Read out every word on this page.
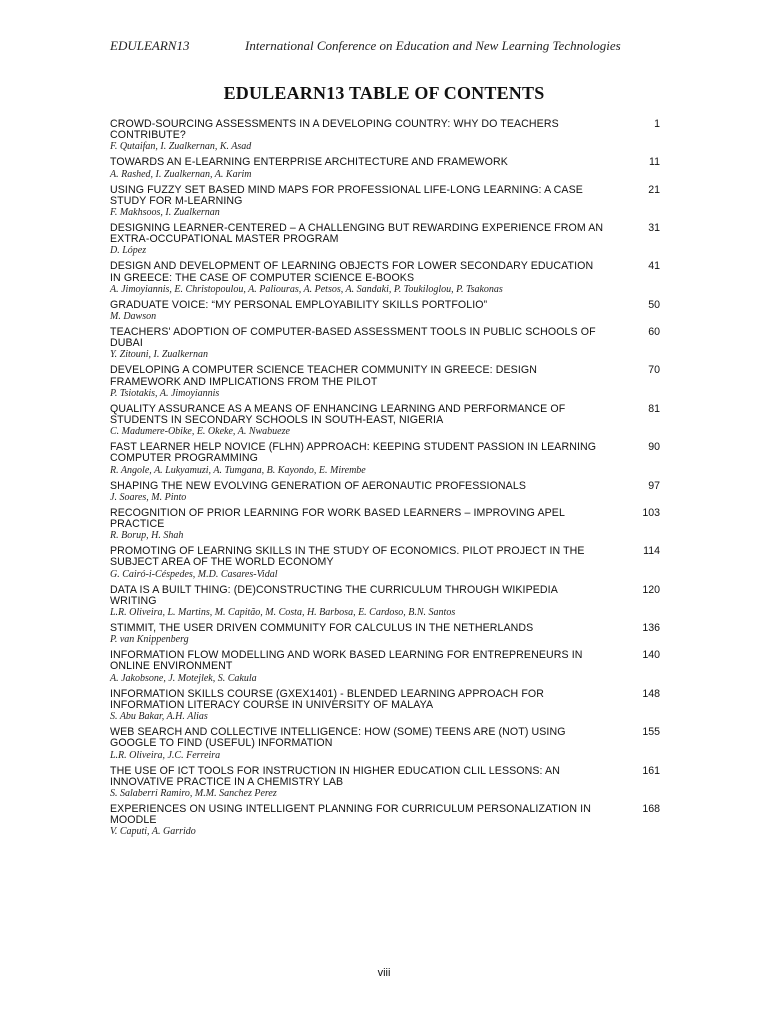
EDULEARN13	International Conference on Education and New Learning Technologies
EDULEARN13 TABLE OF CONTENTS
CROWD-SOURCING ASSESSMENTS IN A DEVELOPING COUNTRY: WHY DO TEACHERS CONTRIBUTE?
F. Qutaifan, I. Zualkernan, K. Asad
1
TOWARDS AN E-LEARNING ENTERPRISE ARCHITECTURE AND FRAMEWORK
A. Rashed, I. Zualkernan, A. Karim
11
USING FUZZY SET BASED MIND MAPS FOR PROFESSIONAL LIFE-LONG LEARNING: A CASE STUDY FOR M-LEARNING
F. Makhsoos, I. Zualkernan
21
DESIGNING LEARNER-CENTERED – A CHALLENGING BUT REWARDING EXPERIENCE FROM AN EXTRA-OCCUPATIONAL MASTER PROGRAM
D. López
31
DESIGN AND DEVELOPMENT OF LEARNING OBJECTS FOR LOWER SECONDARY EDUCATION IN GREECE: THE CASE OF COMPUTER SCIENCE E-BOOKS
A. Jimoyiannis, E. Christopoulou, A. Paliouras, A. Petsos, A. Sandaki, P. Toukiloglou, P. Tsakonas
41
GRADUATE VOICE: “MY PERSONAL EMPLOYABILITY SKILLS PORTFOLIO”
M. Dawson
50
TEACHERS' ADOPTION OF COMPUTER-BASED ASSESSMENT TOOLS IN PUBLIC SCHOOLS OF DUBAI
Y. Zitouni, I. Zualkernan
60
DEVELOPING A COMPUTER SCIENCE TEACHER COMMUNITY IN GREECE: DESIGN FRAMEWORK AND IMPLICATIONS FROM THE PILOT
P. Tsiotakis, A. Jimoyiannis
70
QUALITY ASSURANCE AS A MEANS OF ENHANCING LEARNING AND PERFORMANCE OF STUDENTS IN SECONDARY SCHOOLS IN SOUTH-EAST, NIGERIA
C. Madumere-Obike, E. Okeke, A. Nwabueze
81
FAST LEARNER HELP NOVICE (FLHN) APPROACH: KEEPING STUDENT PASSION IN LEARNING COMPUTER PROGRAMMING
R. Angole, A. Lukyamuzi, A. Tumgana, B. Kayondo, E. Mirembe
90
SHAPING THE NEW EVOLVING GENERATION OF AERONAUTIC PROFESSIONALS
J. Soares, M. Pinto
97
RECOGNITION OF PRIOR LEARNING FOR WORK BASED LEARNERS – IMPROVING APEL PRACTICE
R. Borup, H. Shah
103
PROMOTING OF LEARNING SKILLS IN THE STUDY OF ECONOMICS. PILOT PROJECT IN THE SUBJECT AREA OF THE WORLD ECONOMY
G. Cairó-i-Céspedes, M.D. Casares-Vidal
114
DATA IS A BUILT THING: (DE)CONSTRUCTING THE CURRICULUM THROUGH WIKIPEDIA WRITING
L.R. Oliveira, L. Martins, M. Capitão, M. Costa, H. Barbosa, E. Cardoso, B.N. Santos
120
STIMMIT, THE USER DRIVEN COMMUNITY FOR CALCULUS IN THE NETHERLANDS
P. van Knippenberg
136
INFORMATION FLOW MODELLING AND WORK BASED LEARNING FOR ENTREPRENEURS IN ONLINE ENVIRONMENT
A. Jakobsone, J. Motejlek, S. Cakula
140
INFORMATION SKILLS COURSE (GXEX1401) - BLENDED LEARNING APPROACH FOR INFORMATION LITERACY COURSE IN UNIVERSITY OF MALAYA
S. Abu Bakar, A.H. Alias
148
WEB SEARCH AND COLLECTIVE INTELLIGENCE: HOW (SOME) TEENS ARE (NOT) USING GOOGLE TO FIND (USEFUL) INFORMATION
L.R. Oliveira, J.C. Ferreira
155
THE USE OF ICT TOOLS FOR INSTRUCTION IN HIGHER EDUCATION CLIL LESSONS: AN INNOVATIVE PRACTICE IN A CHEMISTRY LAB
S. Salaberri Ramiro, M.M. Sanchez Perez
161
EXPERIENCES ON USING INTELLIGENT PLANNING FOR CURRICULUM PERSONALIZATION IN MOODLE
V. Caputi, A. Garrido
168
viii
